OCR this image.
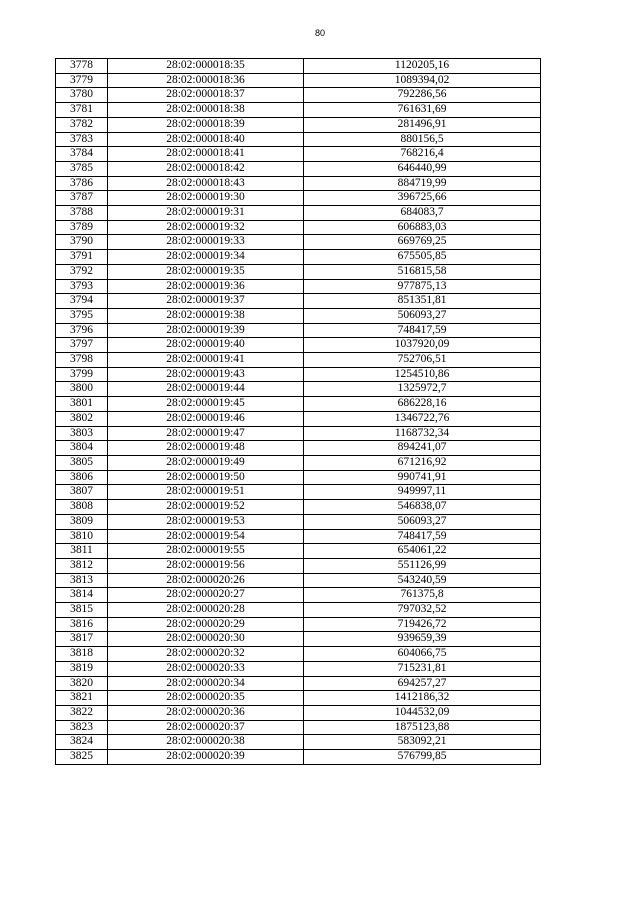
80
3778	28:02:000018:35	1120205,16
3779	28:02:000018:36	1089394,02
3780	28:02:000018:37	792286,56
3781	28:02:000018:38	761631,69
3782	28:02:000018:39	281496,91
3783	28:02:000018:40	880156,5
3784	28:02:000018:41	768216,4
3785	28:02:000018:42	646440,99
3786	28:02:000018:43	884719,99
3787	28:02:000019:30	396725,66
3788	28:02:000019:31	684083,7
3789	28:02:000019:32	606883,03
3790	28:02:000019:33	669769,25
3791	28:02:000019:34	675505,85
3792	28:02:000019:35	516815,58
3793	28:02:000019:36	977875,13
3794	28:02:000019:37	851351,81
3795	28:02:000019:38	506093,27
3796	28:02:000019:39	748417,59
3797	28:02:000019:40	1037920,09
3798	28:02:000019:41	752706,51
3799	28:02:000019:43	1254510,86
3800	28:02:000019:44	1325972,7
3801	28:02:000019:45	686228,16
3802	28:02:000019:46	1346722,76
3803	28:02:000019:47	1168732,34
3804	28:02:000019:48	894241,07
3805	28:02:000019:49	671216,92
3806	28:02:000019:50	990741,91
3807	28:02:000019:51	949997,11
3808	28:02:000019:52	546838,07
3809	28:02:000019:53	506093,27
3810	28:02:000019:54	748417,59
3811	28:02:000019:55	654061,22
3812	28:02:000019:56	551126,99
3813	28:02:000020:26	543240,59
3814	28:02:000020:27	761375,8
3815	28:02:000020:28	797032,52
3816	28:02:000020:29	719426,72
3817	28:02:000020:30	939659,39
3818	28:02:000020:32	604066,75
3819	28:02:000020:33	715231,81
3820	28:02:000020:34	694257,27
3821	28:02:000020:35	1412186,32
3822	28:02:000020:36	1044532,09
3823	28:02:000020:37	1875123,88
3824	28:02:000020:38	583092,21
3825	28:02:000020:39	576799,85
